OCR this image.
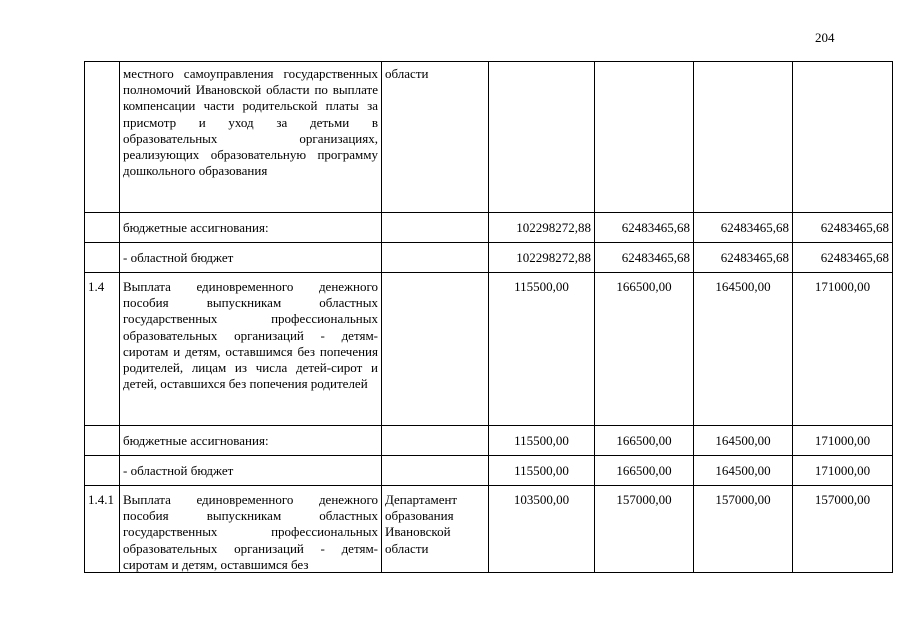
204
	местного самоуправления государственных полномочий Ивановской области по выплате компенсации части родительской платы за присмотр и уход за детьми в образовательных организациях, реализующих образовательную программу дошкольного образования	области				
	бюджетные ассигнования:		102298272,88	62483465,68	62483465,68	62483465,68
	- областной бюджет		102298272,88	62483465,68	62483465,68	62483465,68
1.4	Выплата единовременного денежного пособия выпускникам областных государственных профессиональных образовательных организаций - детям-сиротам и детям, оставшимся без попечения родителей, лицам из числа детей-сирот и детей, оставшихся без попечения родителей		115500,00	166500,00	164500,00	171000,00
	бюджетные ассигнования:		115500,00	166500,00	164500,00	171000,00
	- областной бюджет		115500,00	166500,00	164500,00	171000,00
1.4.1	Выплата единовременного денежного пособия выпускникам областных государственных профессиональных образовательных организаций - детям-сиротам и детям, оставшимся без	Департамент образования Ивановской области	103500,00	157000,00	157000,00	157000,00
